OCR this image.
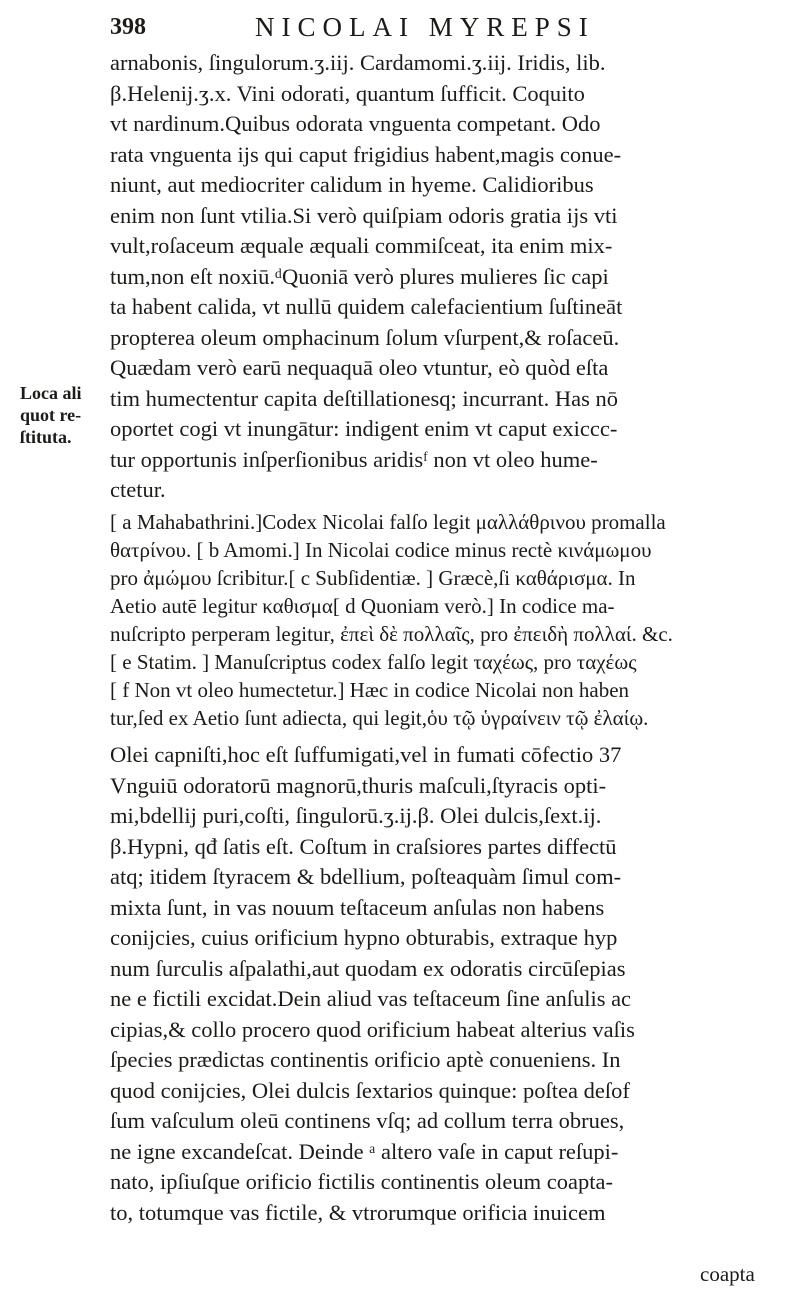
398	NICOLAI MYREPSI
arnabonis, ſingulorum.ʒ.iij. Cardamomi.ʒ.iij. Iridis, lib.
β.Helenij.ʒ.x. Vini odorati, quantum ſufficit. Coquito
vt nardinum.Quibus odorata vnguenta competant. Odo
rata vnguenta ijs qui caput frigidius habent,magis conue-
niunt, aut mediocriter calidum in hyeme. Calidioribus
enim non ſunt vtilia.Si verò quiſpiam odoris gratia ijs vti
vult,roſaceum æquale æquali commiſceat, ita enim mix-
tum,non eſt noxiū.ᵈQuoniā verò plures mulieres ſic capi
ta habent calida, vt nullū quidem calefacientium ſuſtineāt
propterea oleum omphacinum ſolum vſurpent,& roſaceū.
Quædam verò earū nequaquā oleo vtuntur, eò quòd eſta
tim humectentur capita deſtillationesq; incurrant. Has nō
oportet cogi vt inungātur: indigent enim vt caput exiccc-
tur opportunis inſperſionibus aridisᶠ non vt oleo hume-
ctetur.
Loca ali
quot re-
ſtituta.
[ a Mahabathrini.]Codex Nicolai falſo legit μαλλάθρινου promalla
θατρίνου. [ b Amomi.] In Nicolai codice minus rectè κινάμωμου
pro ἀμώμου ſcribitur.[ c Subſidentiæ. ] Græcè,ſi καθάρισμα. In
Aetio autē legitur καθισμα[ d Quoniam verò.] In codice ma-
nuſcripto perperam legitur, ἐπεὶ δὲ πολλαῖς, pro ἐπειδὴ πολλαί. &c.
[ e Statim. ] Manuſcriptus codex falſo legit ταχέως, pro ταχέως
[ f Non vt oleo humectetur.] Hæc in codice Nicolai non haben
tur,ſed ex Aetio ſunt adiecta, qui legit,ὁυ τῷ ὑγραίνειν τῷ ἐλαίῳ.
Olei capniſti,hoc eſt ſuffumigati,vel in fumati cōfectio 37
Vnguiū odoratorū magnorū,thuris maſculi,ſtyracis opti-
mi,bdellij puri,coſti, ſingulorū.ʒ.ij.β. Olei dulcis,ſext.ij.
β.Hypni, qđ ſatis eſt. Coſtum in craſsiores partes diffectū
atq; itidem ſtyracem & bdellium, poſteaquàm ſimul com-
mixta ſunt, in vas nouum teſtaceum anſulas non habens
conijcies, cuius orificium hypno obturabis, extraque hyp
num ſurculis aſpalathi,aut quodam ex odoratis circūſepias
ne e fictili excidat.Dein aliud vas teſtaceum ſine anſulis ac
cipias,& collo procero quod orificium habeat alterius vaſis
ſpecies prædictas continentis orificio aptè conueniens. In
quod conijcies, Olei dulcis ſextarios quinque: poſtea deſof
ſum vaſculum oleū continens vſq; ad collum terra obrues,
ne igne excandeſcat. Deinde ᵃ altero vaſe in caput reſupi-
nato, ipſiuſque orificio fictilis continentis oleum coapta-
to, totumque vas fictile, & vtrorumque orificia inuicem
coapta
